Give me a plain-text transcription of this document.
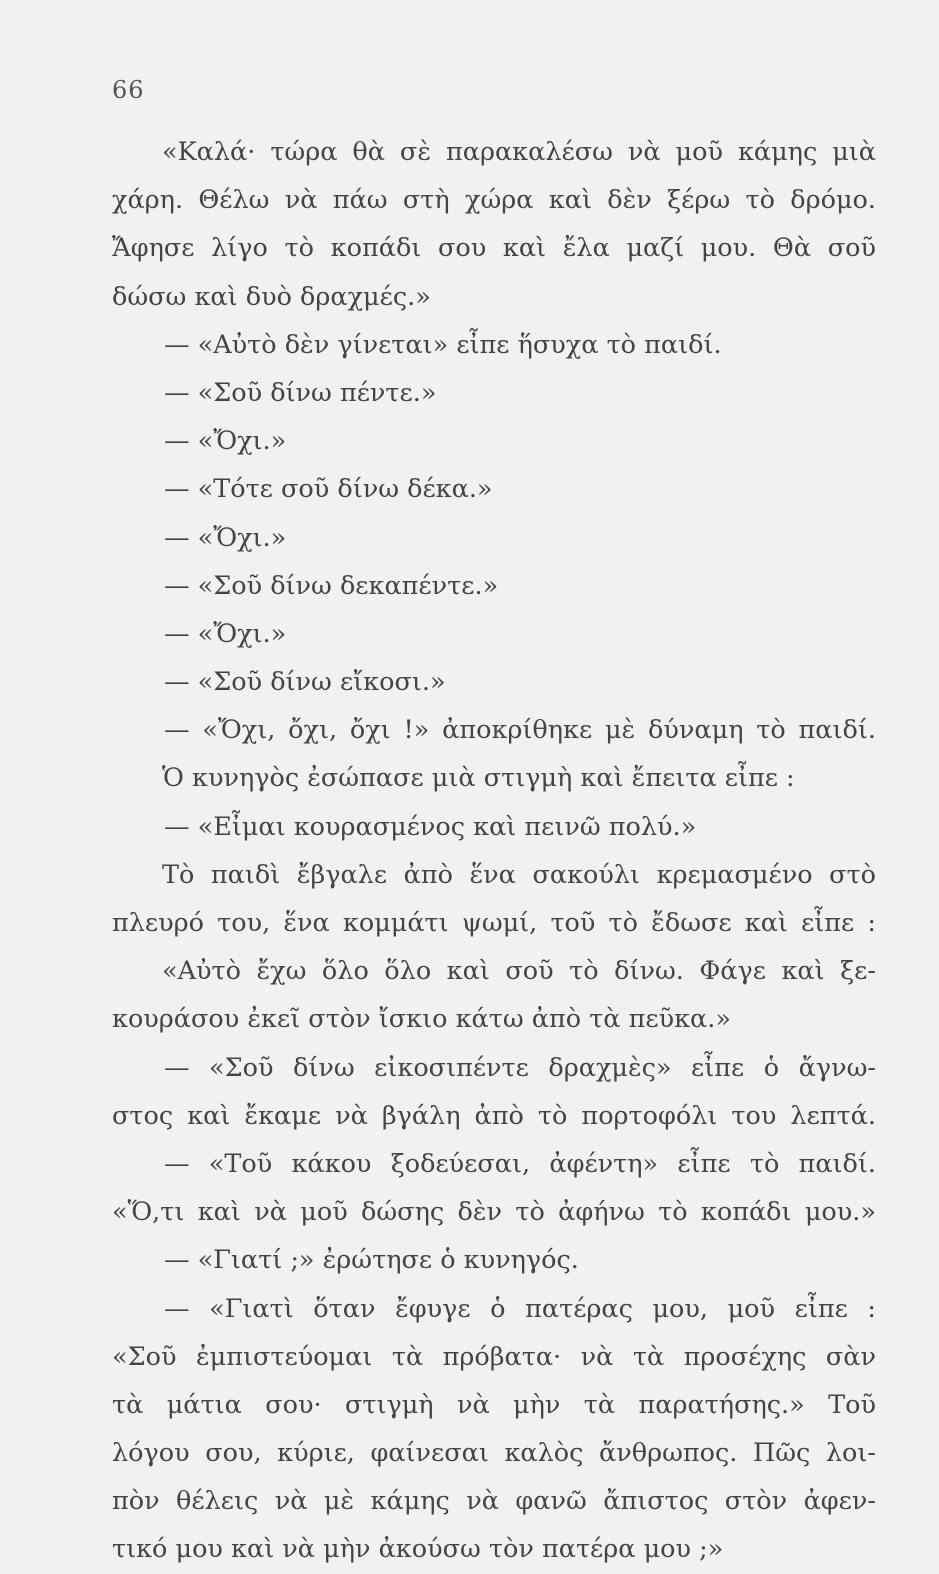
66
«Καλά· τώρα θὰ σὲ παρακαλέσω νὰ μοῦ κάμης μιὰ
χάρη. Θέλω νὰ πάω στὴ χώρα καὶ δὲν ξέρω τὸ δρόμο.
Ἄφησε λίγο τὸ κοπάδι σου καὶ ἔλα μαζί μου. Θὰ σοῦ
δώσω καὶ δυὸ δραχμές.»
— «Αὐτὸ δὲν γίνεται» εἶπε ἥσυχα τὸ παιδί.
— «Σοῦ δίνω πέντε.»
— «Ὄχι.»
— «Τότε σοῦ δίνω δέκα.»
— «Ὄχι.»
— «Σοῦ δίνω δεκαπέντε.»
— «Ὄχι.»
— «Σοῦ δίνω εἴκοσι.»
— «Ὄχι, ὄχι, ὄχι !» ἀποκρίθηκε μὲ δύναμη τὸ παιδί.
Ὁ κυνηγὸς ἐσώπασε μιὰ στιγμὴ καὶ ἔπειτα εἶπε :
— «Εἶμαι κουρασμένος καὶ πεινῶ πολύ.»
Τὸ παιδὶ ἔβγαλε ἀπὸ ἕνα σακούλι κρεμασμένο στὸ
πλευρό του, ἕνα κομμάτι ψωμί, τοῦ τὸ ἔδωσε καὶ εἶπε :
«Αὐτὸ ἔχω ὅλο ὅλο καὶ σοῦ τὸ δίνω. Φάγε καὶ ξε-
κουράσου ἐκεῖ στὸν ἴσκιο κάτω ἀπὸ τὰ πεῦκα.»
— «Σοῦ δίνω εἰκοσιπέντε δραχμὲς» εἶπε ὁ ἄγνω-
στος καὶ ἔκαμε νὰ βγάλη ἀπὸ τὸ πορτοφόλι του λεπτά.
— «Τοῦ κάκου ξοδεύεσαι, ἀφέντη» εἶπε τὸ παιδί.
«Ὅ,τι καὶ νὰ μοῦ δώσης δὲν τὸ ἀφήνω τὸ κοπάδι μου.»
— «Γιατί ;» ἐρώτησε ὁ κυνηγός.
— «Γιατὶ ὅταν ἔφυγε ὁ πατέρας μου, μοῦ εἶπε :
«Σοῦ ἐμπιστεύομαι τὰ πρόβατα· νὰ τὰ προσέχης σὰν
τὰ μάτια σου· στιγμὴ νὰ μὴν τὰ παρατήσης.» Τοῦ
λόγου σου, κύριε, φαίνεσαι καλὸς ἄνθρωπος. Πῶς λοι-
πὸν θέλεις νὰ μὲ κάμης νὰ φανῶ ἄπιστος στὸν ἀφεν-
τικό μου καὶ νὰ μὴν ἀκούσω τὸν πατέρα μου ;»
